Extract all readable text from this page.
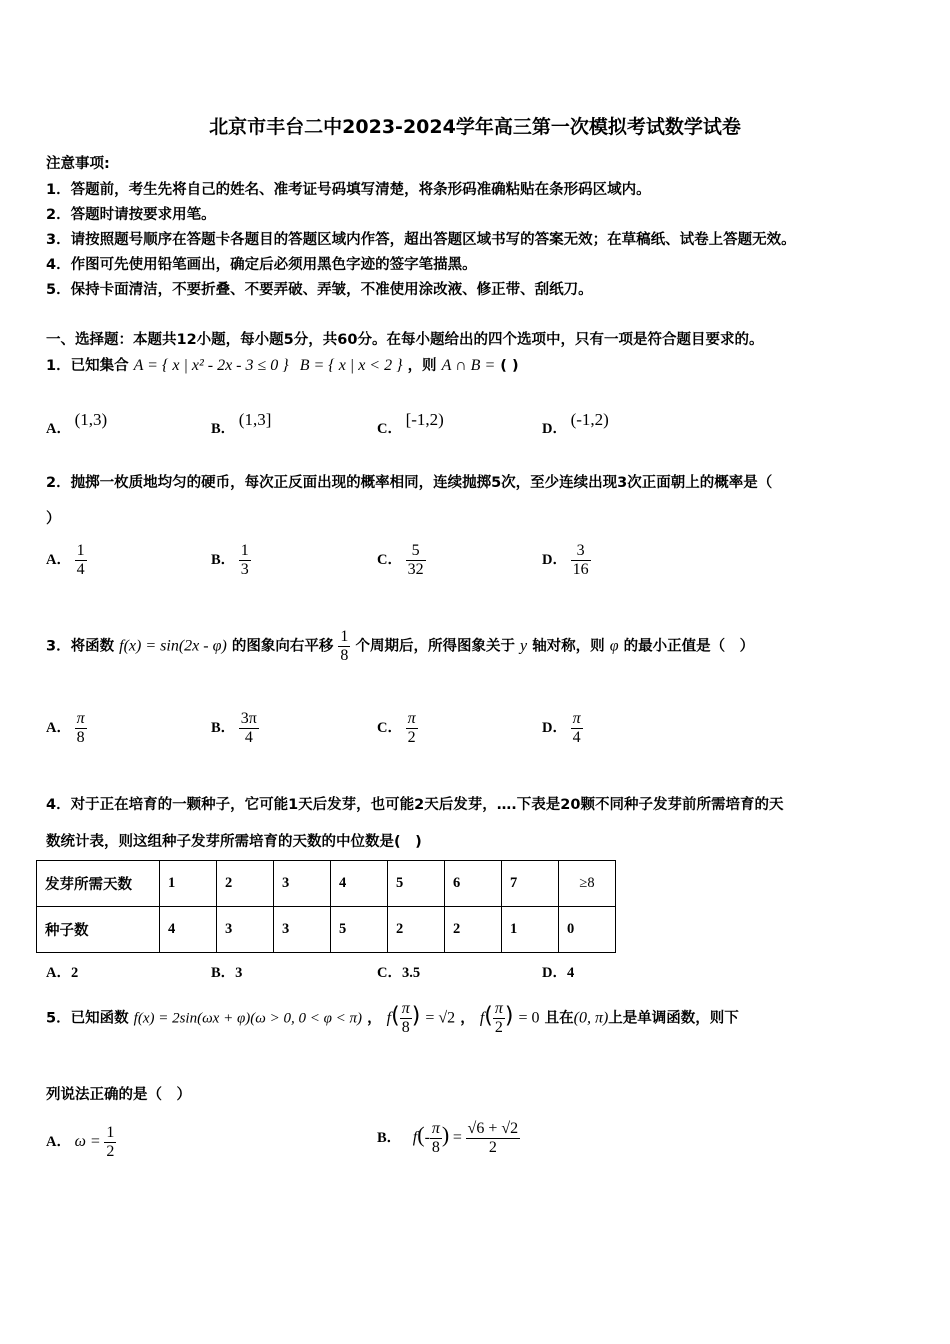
北京市丰台二中2023-2024学年高三第一次模拟考试数学试卷
注意事项:
1．答题前，考生先将自己的姓名、准考证号码填写清楚，将条形码准确粘贴在条形码区域内。
2．答题时请按要求用笔。
3．请按照题号顺序在答题卡各题目的答题区域内作答，超出答题区域书写的答案无效；在草稿纸、试卷上答题无效。
4．作图可先使用铅笔画出，确定后必须用黑色字迹的签字笔描黑。
5．保持卡面清洁，不要折叠、不要弄破、弄皱，不准使用涂改液、修正带、刮纸刀。
一、选择题：本题共12小题，每小题5分，共60分。在每小题给出的四个选项中，只有一项是符合题目要求的。
1．已知集合 A = { x | x² - 2x - 3 ≤ 0 } B = { x | x < 2 } ，则 A ∩ B = ( )
A． (1,3)	B． (1,3]	C． [-1,2)	D． (-1,2)
2．抛掷一枚质地均匀的硬币，每次正反面出现的概率相同，连续抛掷5次，至少连续出现3次正面朝上的概率是（
）
A． $\frac{1}{4}$	B． $\frac{1}{3}$	C． $\frac{5}{32}$	D． $\frac{3}{16}$
3．将函数 f(x) = sin(2x - φ) 的图象向右平移 $\frac{1}{8}$ 个周期后，所得图象关于 y 轴对称，则 φ 的最小正值是（　）
A． $\frac{\pi}{8}$	B． $\frac{3\pi}{4}$	C． $\frac{\pi}{2}$	D． $\frac{\pi}{4}$
4．对于正在培育的一颗种子，它可能1天后发芽，也可能2天后发芽，….下表是20颗不同种子发芽前所需培育的天
数统计表，则这组种子发芽所需培育的天数的中位数是(　)
发芽所需天数	1	2	3	4	5	6	7	≥8
种子数	4	3	3	5	2	2	1	0
A．2	B．3	C．3.5	D．4
5．已知函数 f(x) = 2sin(ωx + φ)(ω > 0, 0 < φ < π) ， $f( \frac{\pi}{8}$ ) = √2 ， $f( \frac{\pi}{2}$ ) = 0 且在(0, π)上是单调函数，则下
列说法正确的是（　）
A． $\omega = \frac{1}{2}$	B． $f(- \frac{\pi}{8}$ ) = $\frac{√6 + √2}{2}$
